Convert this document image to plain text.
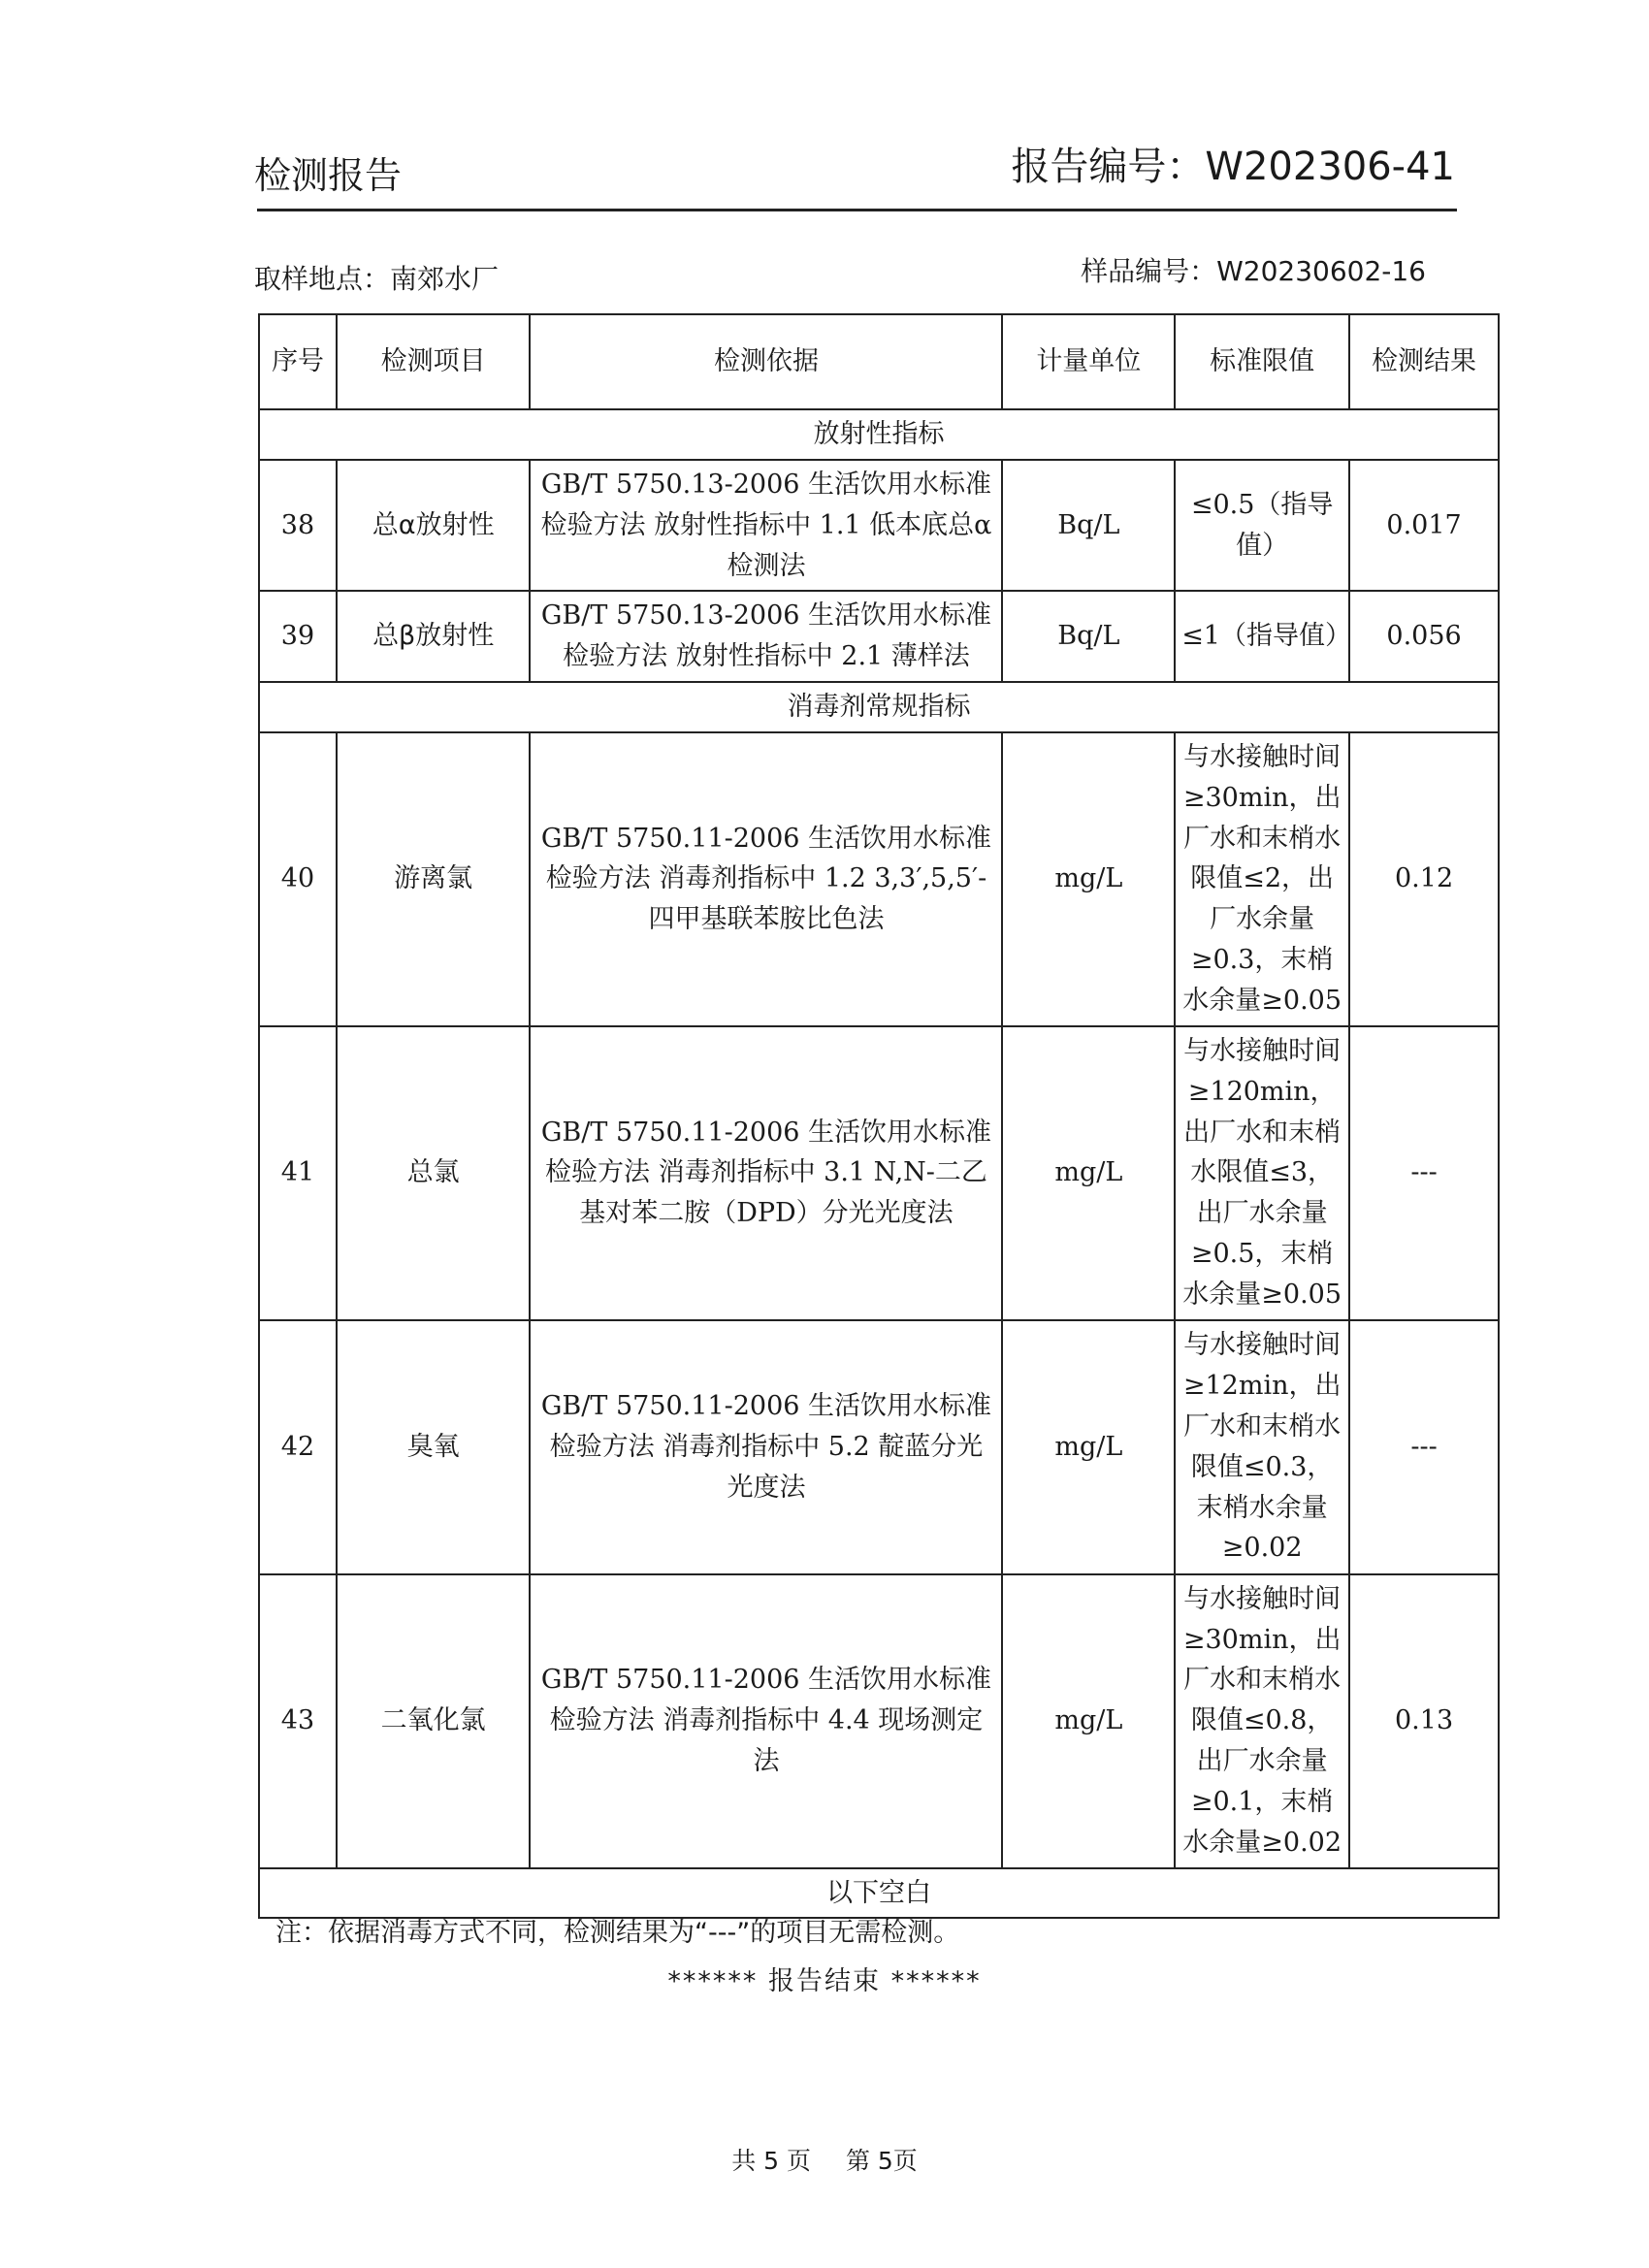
检测报告	报告编号：W202306-41
取样地点：南郊水厂	样品编号：W20230602-16
序号	检测项目	检测依据	计量单位	标准限值	检测结果
放射性指标					
38	总α放射性	GB/T 5750.13-2006 生活饮用水标准检验方法 放射性指标中 1.1 低本底总α检测法	Bq/L	≤0.5（指导值）	0.017
39	总β放射性	GB/T 5750.13-2006 生活饮用水标准检验方法 放射性指标中 2.1 薄样法	Bq/L	≤1（指导值）	0.056
消毒剂常规指标					
40	游离氯	GB/T 5750.11-2006 生活饮用水标准检验方法 消毒剂指标中 1.2 3,3′,5,5′-四甲基联苯胺比色法	mg/L	与水接触时间≥30min，出厂水和末梢水限值≤2，出厂水余量≥0.3，末梢水余量≥0.05	0.12
41	总氯	GB/T 5750.11-2006 生活饮用水标准检验方法 消毒剂指标中 3.1 N,N-二乙基对苯二胺（DPD）分光光度法	mg/L	与水接触时间≥120min，出厂水和末梢水限值≤3，出厂水余量≥0.5，末梢水余量≥0.05	---
42	臭氧	GB/T 5750.11-2006 生活饮用水标准检验方法 消毒剂指标中 5.2 靛蓝分光光度法	mg/L	与水接触时间≥12min，出厂水和末梢水限值≤0.3，末梢水余量≥0.02	---
43	二氧化氯	GB/T 5750.11-2006 生活饮用水标准检验方法 消毒剂指标中 4.4 现场测定法	mg/L	与水接触时间≥30min，出厂水和末梢水限值≤0.8，出厂水余量≥0.1，末梢水余量≥0.02	0.13
以下空白					
注：依据消毒方式不同，检测结果为“---”的项目无需检测。
****** 报告结束 ******
共 5 页 第 5页
